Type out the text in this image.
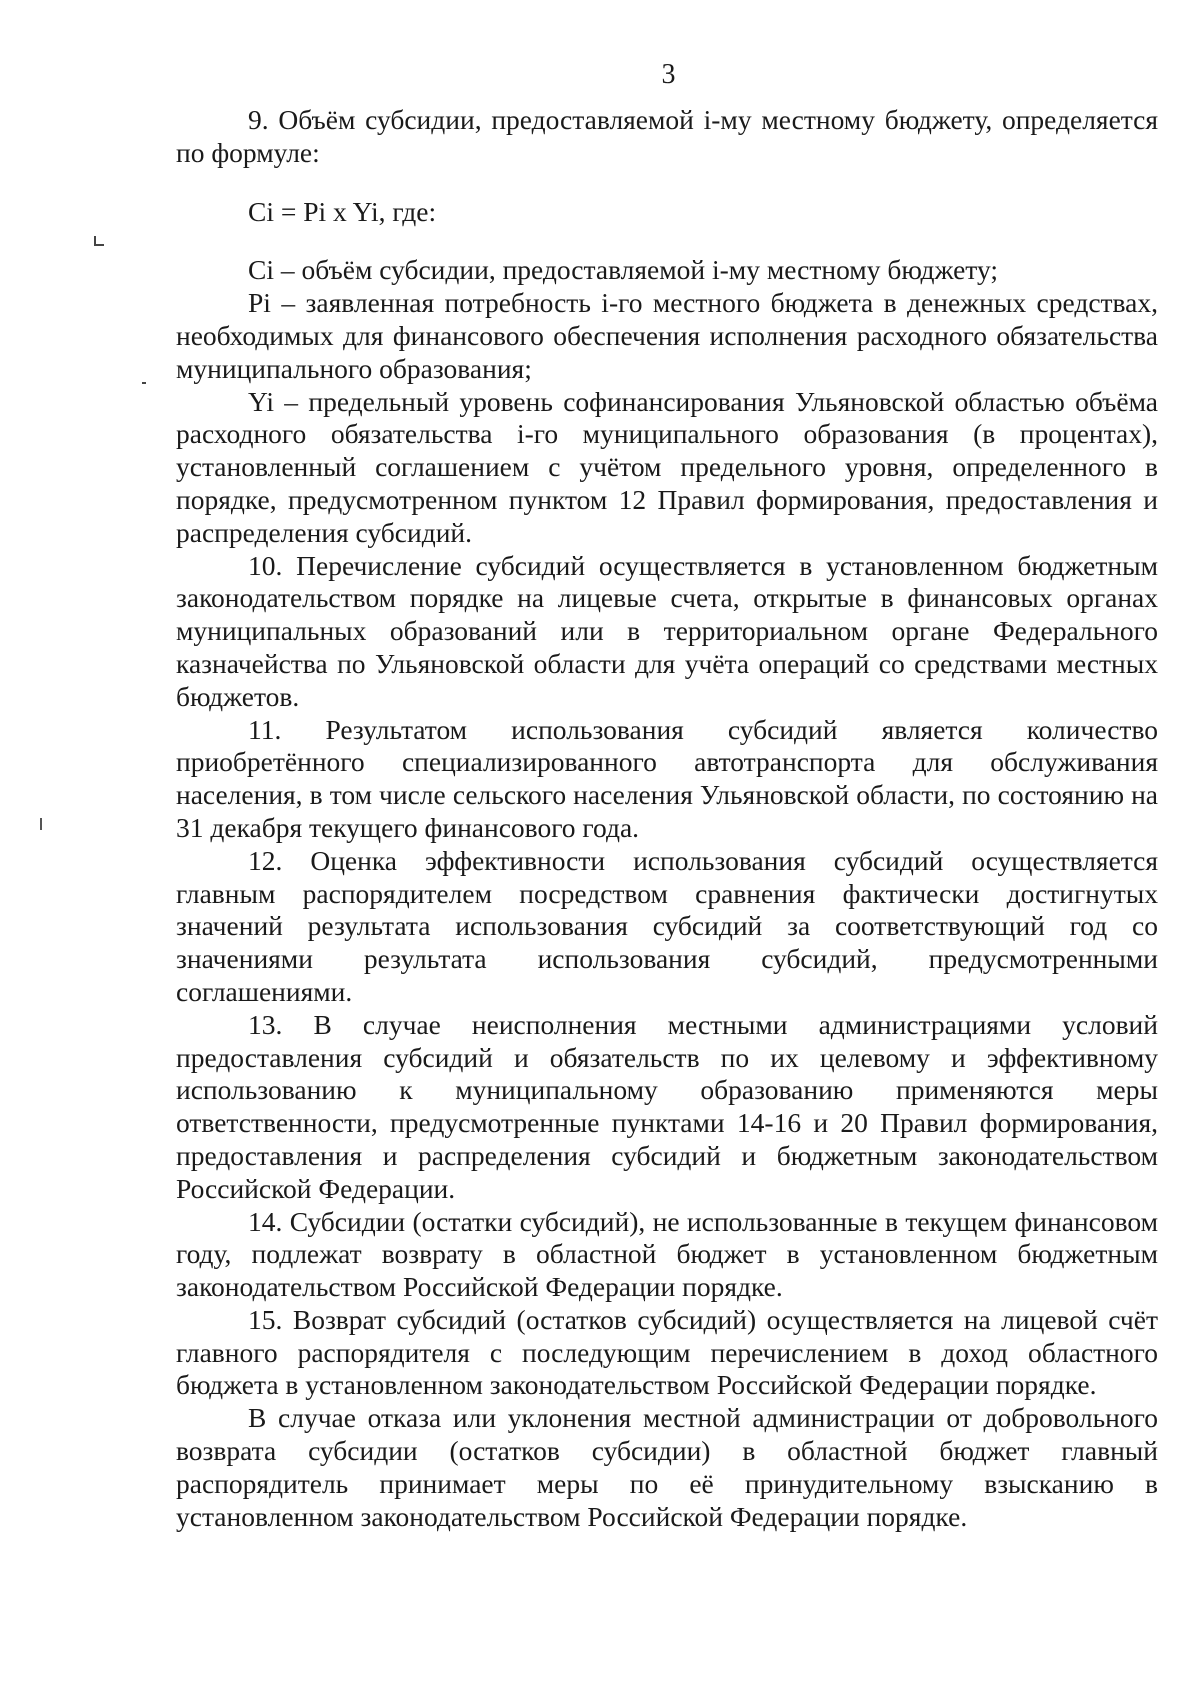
3

9. Объём субсидии, предоставляемой i-му местному бюджету, определяется по формуле:

Ci = Pi x Yi, где:

Ci – объём субсидии, предоставляемой i-му местному бюджету;

Pi – заявленная потребность i-го местного бюджета в денежных средствах, необходимых для финансового обеспечения исполнения расходного обязательства муниципального образования;

Yi – предельный уровень софинансирования Ульяновской областью объёма расходного обязательства i-го муниципального образования (в процентах), установленный соглашением с учётом предельного уровня, определенного в порядке, предусмотренном пунктом 12 Правил формирования, предоставления и распределения субсидий.

10. Перечисление субсидий осуществляется в установленном бюджетным законодательством порядке на лицевые счета, открытые в финансовых органах муниципальных образований или в территориальном органе Федерального казначейства по Ульяновской области для учёта операций со средствами местных бюджетов.

11. Результатом использования субсидий является количество приобретённого специализированного автотранспорта для обслуживания населения, в том числе сельского населения Ульяновской области, по состоянию на 31 декабря текущего финансового года.

12. Оценка эффективности использования субсидий осуществляется главным распорядителем посредством сравнения фактически достигнутых значений результата использования субсидий за соответствующий год со значениями результата использования субсидий, предусмотренными соглашениями.

13. В случае неисполнения местными администрациями условий предоставления субсидий и обязательств по их целевому и эффективному использованию к муниципальному образованию применяются меры ответственности, предусмотренные пунктами 14-16 и 20 Правил формирования, предоставления и распределения субсидий и бюджетным законодательством Российской Федерации.

14. Субсидии (остатки субсидий), не использованные в текущем финансовом году, подлежат возврату в областной бюджет в установленном бюджетным законодательством Российской Федерации порядке.

15. Возврат субсидий (остатков субсидий) осуществляется на лицевой счёт главного распорядителя с последующим перечислением в доход областного бюджета в установленном законодательством Российской Федерации порядке.

В случае отказа или уклонения местной администрации от добровольного возврата субсидии (остатков субсидии) в областной бюджет главный распорядитель принимает меры по её принудительному взысканию в установленном законодательством Российской Федерации порядке.
